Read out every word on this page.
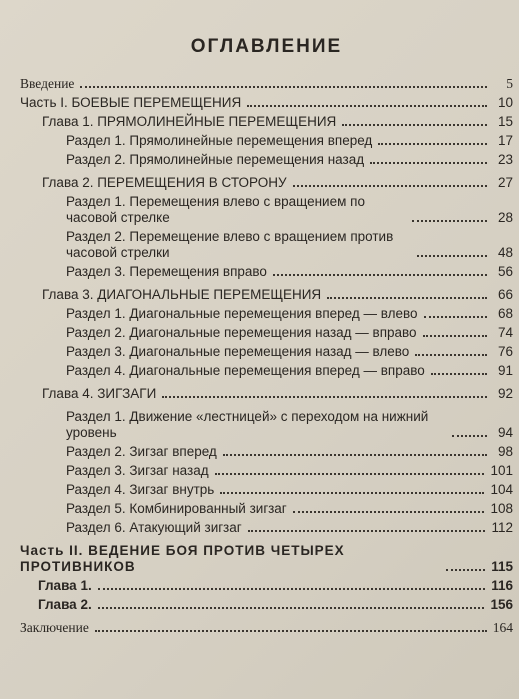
ОГЛАВЛЕНИЕ
Введение	5
Часть I. БОЕВЫЕ ПЕРЕМЕЩЕНИЯ	10
Глава 1. ПРЯМОЛИНЕЙНЫЕ ПЕРЕМЕЩЕНИЯ	15
Раздел 1. Прямолинейные перемещения вперед	17
Раздел 2. Прямолинейные перемещения назад	23
Глава 2. ПЕРЕМЕЩЕНИЯ В СТОРОНУ	27
Раздел 1. Перемещения влево с вращением по часовой стрелке	28
Раздел 2. Перемещение влево с вращением против часовой стрелки	48
Раздел 3. Перемещения вправо	56
Глава 3. ДИАГОНАЛЬНЫЕ ПЕРЕМЕЩЕНИЯ	66
Раздел 1. Диагональные перемещения вперед — влево	68
Раздел 2. Диагональные перемещения назад — вправо	74
Раздел 3. Диагональные перемещения назад — влево	76
Раздел 4. Диагональные перемещения вперед — вправо	91
Глава 4. ЗИГЗАГИ	92
Раздел 1. Движение «лестницей» с переходом на нижний уровень	94
Раздел 2. Зигзаг вперед	98
Раздел 3. Зигзаг назад	101
Раздел 4. Зигзаг внутрь	104
Раздел 5. Комбинированный зигзаг	108
Раздел 6. Атакующий зигзаг	112
Часть II. ВЕДЕНИЕ БОЯ ПРОТИВ ЧЕТЫРЕХ ПРОТИВНИКОВ	115
Глава 1.	116
Глава 2.	156
Заключение	164
